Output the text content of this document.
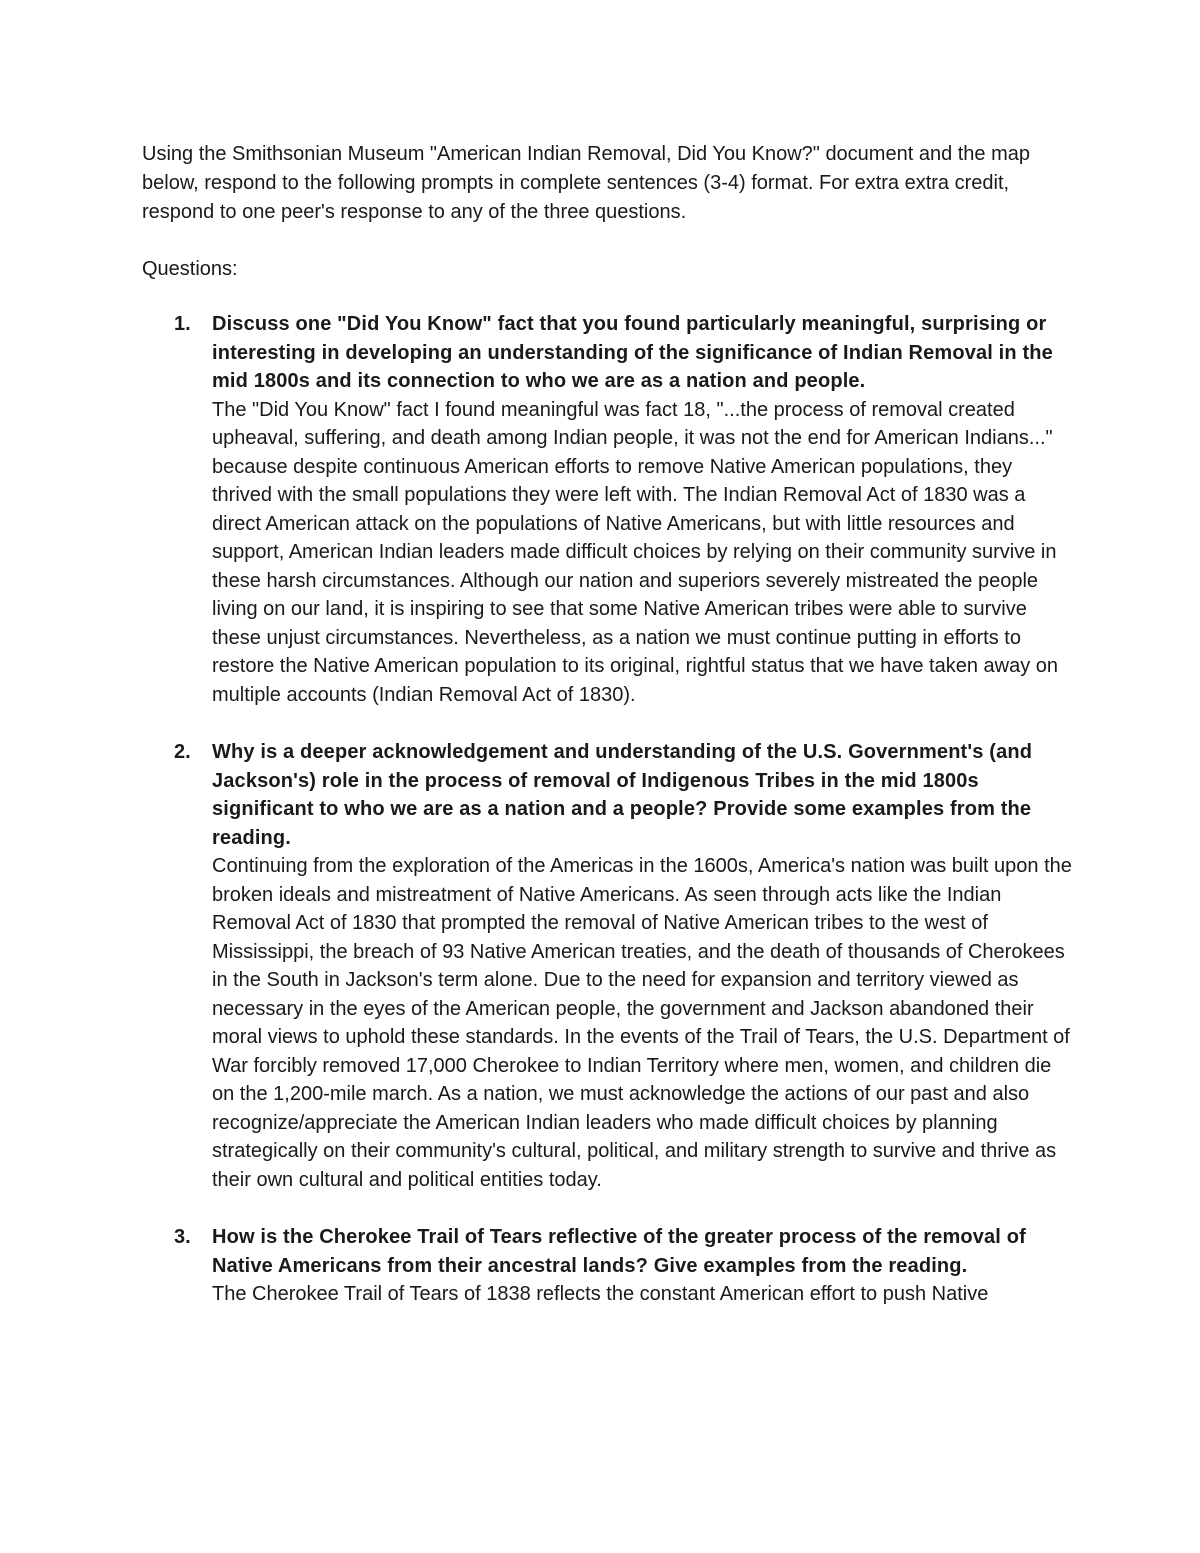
Using the Smithsonian Museum "American Indian Removal, Did You Know?" document and the map below, respond to the following prompts in complete sentences (3-4) format. For extra extra credit, respond to one peer's response to any of the three questions.

Questions:

1. Discuss one "Did You Know" fact that you found particularly meaningful, surprising or interesting in developing an understanding of the significance of Indian Removal in the mid 1800s and its connection to who we are as a nation and people.
The "Did You Know" fact I found meaningful was fact 18, "...the process of removal created upheaval, suffering, and death among Indian people, it was not the end for American Indians..." because despite continuous American efforts to remove Native American populations, they thrived with the small populations they were left with. The Indian Removal Act of 1830 was a direct American attack on the populations of Native Americans, but with little resources and support, American Indian leaders made difficult choices by relying on their community survive in these harsh circumstances. Although our nation and superiors severely mistreated the people living on our land, it is inspiring to see that some Native American tribes were able to survive these unjust circumstances. Nevertheless, as a nation we must continue putting in efforts to restore the Native American population to its original, rightful status that we have taken away on multiple accounts (Indian Removal Act of 1830).
2. Why is a deeper acknowledgement and understanding of the U.S. Government's (and Jackson's) role in the process of removal of Indigenous Tribes in the mid 1800s significant to who we are as a nation and a people? Provide some examples from the reading.
Continuing from the exploration of the Americas in the 1600s, America's nation was built upon the broken ideals and mistreatment of Native Americans. As seen through acts like the Indian Removal Act of 1830 that prompted the removal of Native American tribes to the west of Mississippi, the breach of 93 Native American treaties, and the death of thousands of Cherokees in the South in Jackson's term alone. Due to the need for expansion and territory viewed as necessary in the eyes of the American people, the government and Jackson abandoned their moral views to uphold these standards. In the events of the Trail of Tears, the U.S. Department of War forcibly removed 17,000 Cherokee to Indian Territory where men, women, and children die on the 1,200-mile march. As a nation, we must acknowledge the actions of our past and also recognize/appreciate the American Indian leaders who made difficult choices by planning strategically on their community's cultural, political, and military strength to survive and thrive as their own cultural and political entities today.
3. How is the Cherokee Trail of Tears reflective of the greater process of the removal of Native Americans from their ancestral lands? Give examples from the reading.
The Cherokee Trail of Tears of 1838 reflects the constant American effort to push Native
